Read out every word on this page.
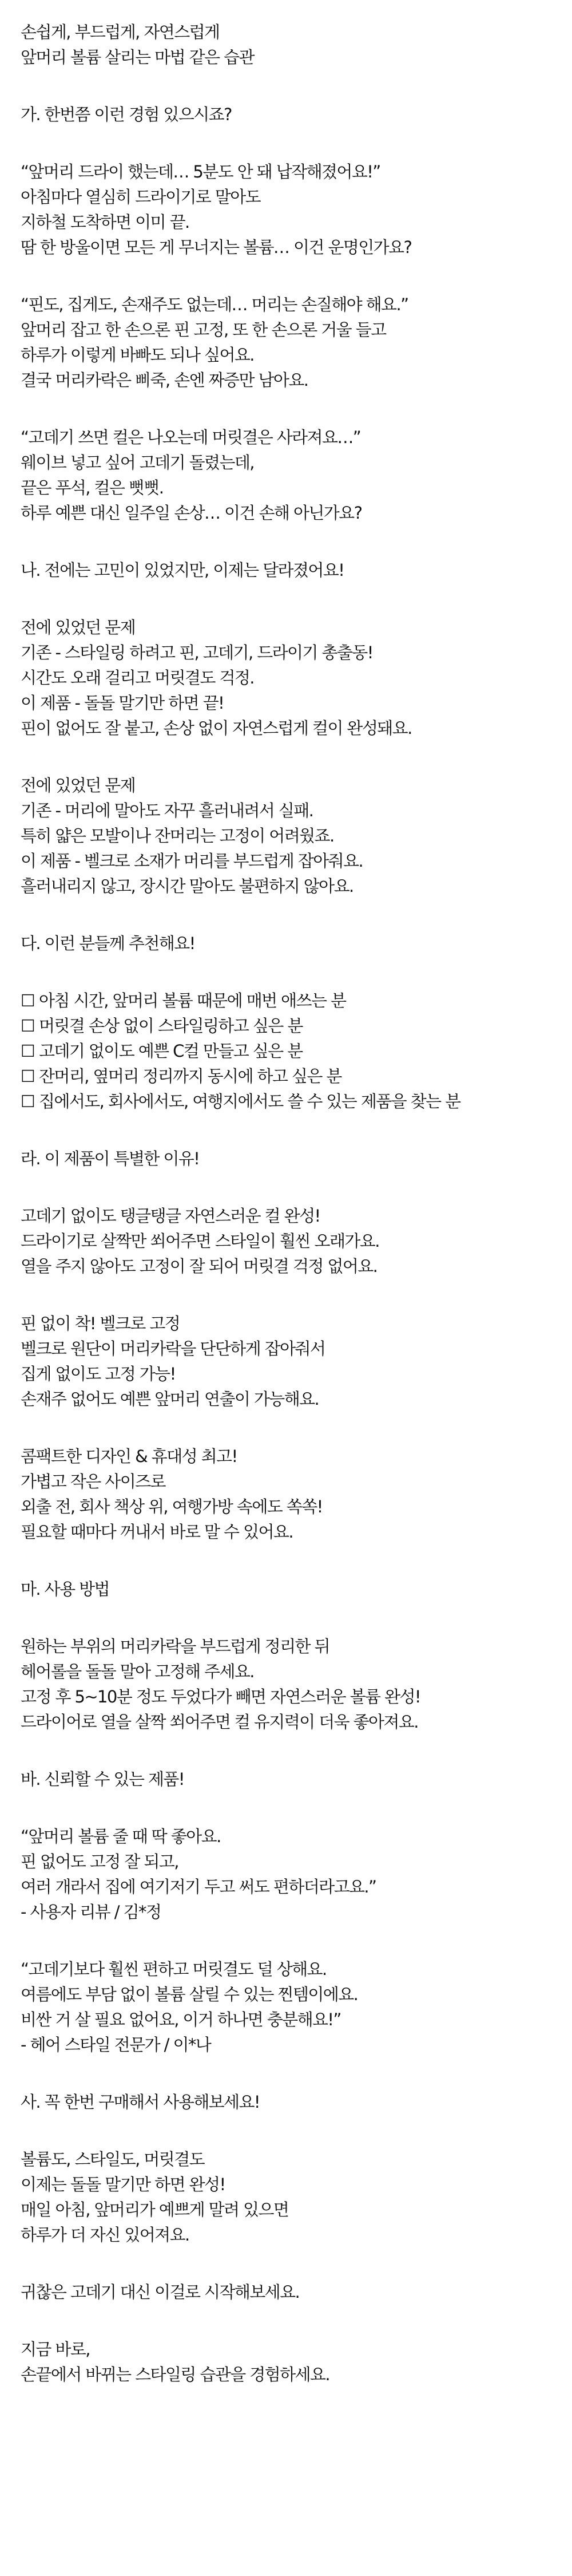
손쉽게, 부드럽게, 자연스럽게
앞머리 볼륨 살리는 마법 같은 습관
가. 한번쯤 이런 경험 있으시죠?
“앞머리 드라이 했는데… 5분도 안 돼 납작해졌어요!”
아침마다 열심히 드라이기로 말아도
지하철 도착하면 이미 끝.
땀 한 방울이면 모든 게 무너지는 볼륨… 이건 운명인가요?
“핀도, 집게도, 손재주도 없는데… 머리는 손질해야 해요.”
앞머리 잡고 한 손으론 핀 고정, 또 한 손으론 거울 들고
하루가 이렇게 바빠도 되나 싶어요.
결국 머리카락은 삐죽, 손엔 짜증만 남아요.
“고데기 쓰면 컬은 나오는데 머릿결은 사라져요…”
웨이브 넣고 싶어 고데기 돌렸는데,
끝은 푸석, 컬은 뻣뻣.
하루 예쁜 대신 일주일 손상… 이건 손해 아닌가요?
나. 전에는 고민이 있었지만, 이제는 달라졌어요!
전에 있었던 문제
기존 - 스타일링 하려고 핀, 고데기, 드라이기 총출동!
시간도 오래 걸리고 머릿결도 걱정.
이 제품 - 돌돌 말기만 하면 끝!
핀이 없어도 잘 붙고, 손상 없이 자연스럽게 컬이 완성돼요.
전에 있었던 문제
기존 - 머리에 말아도 자꾸 흘러내려서 실패.
특히 얇은 모발이나 잔머리는 고정이 어려웠죠.
이 제품 - 벨크로 소재가 머리를 부드럽게 잡아줘요.
흘러내리지 않고, 장시간 말아도 불편하지 않아요.
다. 이런 분들께 추천해요!
☐ 아침 시간, 앞머리 볼륨 때문에 매번 애쓰는 분
☐ 머릿결 손상 없이 스타일링하고 싶은 분
☐ 고데기 없이도 예쁜 C컬 만들고 싶은 분
☐ 잔머리, 옆머리 정리까지 동시에 하고 싶은 분
☐ 집에서도, 회사에서도, 여행지에서도 쓸 수 있는 제품을 찾는 분
라. 이 제품이 특별한 이유!
고데기 없이도 탱글탱글 자연스러운 컬 완성!
드라이기로 살짝만 쐬어주면 스타일이 훨씬 오래가요.
열을 주지 않아도 고정이 잘 되어 머릿결 걱정 없어요.
핀 없이 착! 벨크로 고정
벨크로 원단이 머리카락을 단단하게 잡아줘서
집게 없이도 고정 가능!
손재주 없어도 예쁜 앞머리 연출이 가능해요.
콤팩트한 디자인 & 휴대성 최고!
가볍고 작은 사이즈로
외출 전, 회사 책상 위, 여행가방 속에도 쏙쏙!
필요할 때마다 꺼내서 바로 말 수 있어요.
마. 사용 방법
원하는 부위의 머리카락을 부드럽게 정리한 뒤
헤어롤을 돌돌 말아 고정해 주세요.
고정 후 5~10분 정도 두었다가 빼면 자연스러운 볼륨 완성!
드라이어로 열을 살짝 쐬어주면 컬 유지력이 더욱 좋아져요.
바. 신뢰할 수 있는 제품!
“앞머리 볼륨 줄 때 딱 좋아요.
핀 없어도 고정 잘 되고,
여러 개라서 집에 여기저기 두고 써도 편하더라고요.”
- 사용자 리뷰 / 김*정
“고데기보다 훨씬 편하고 머릿결도 덜 상해요.
여름에도 부담 없이 볼륨 살릴 수 있는 찐템이에요.
비싼 거 살 필요 없어요, 이거 하나면 충분해요!”
- 헤어 스타일 전문가 / 이*나
사. 꼭 한번 구매해서 사용해보세요!
볼륨도, 스타일도, 머릿결도
이제는 돌돌 말기만 하면 완성!
매일 아침, 앞머리가 예쁘게 말려 있으면
하루가 더 자신 있어져요.
귀찮은 고데기 대신 이걸로 시작해보세요.
지금 바로,
손끝에서 바뀌는 스타일링 습관을 경험하세요.
